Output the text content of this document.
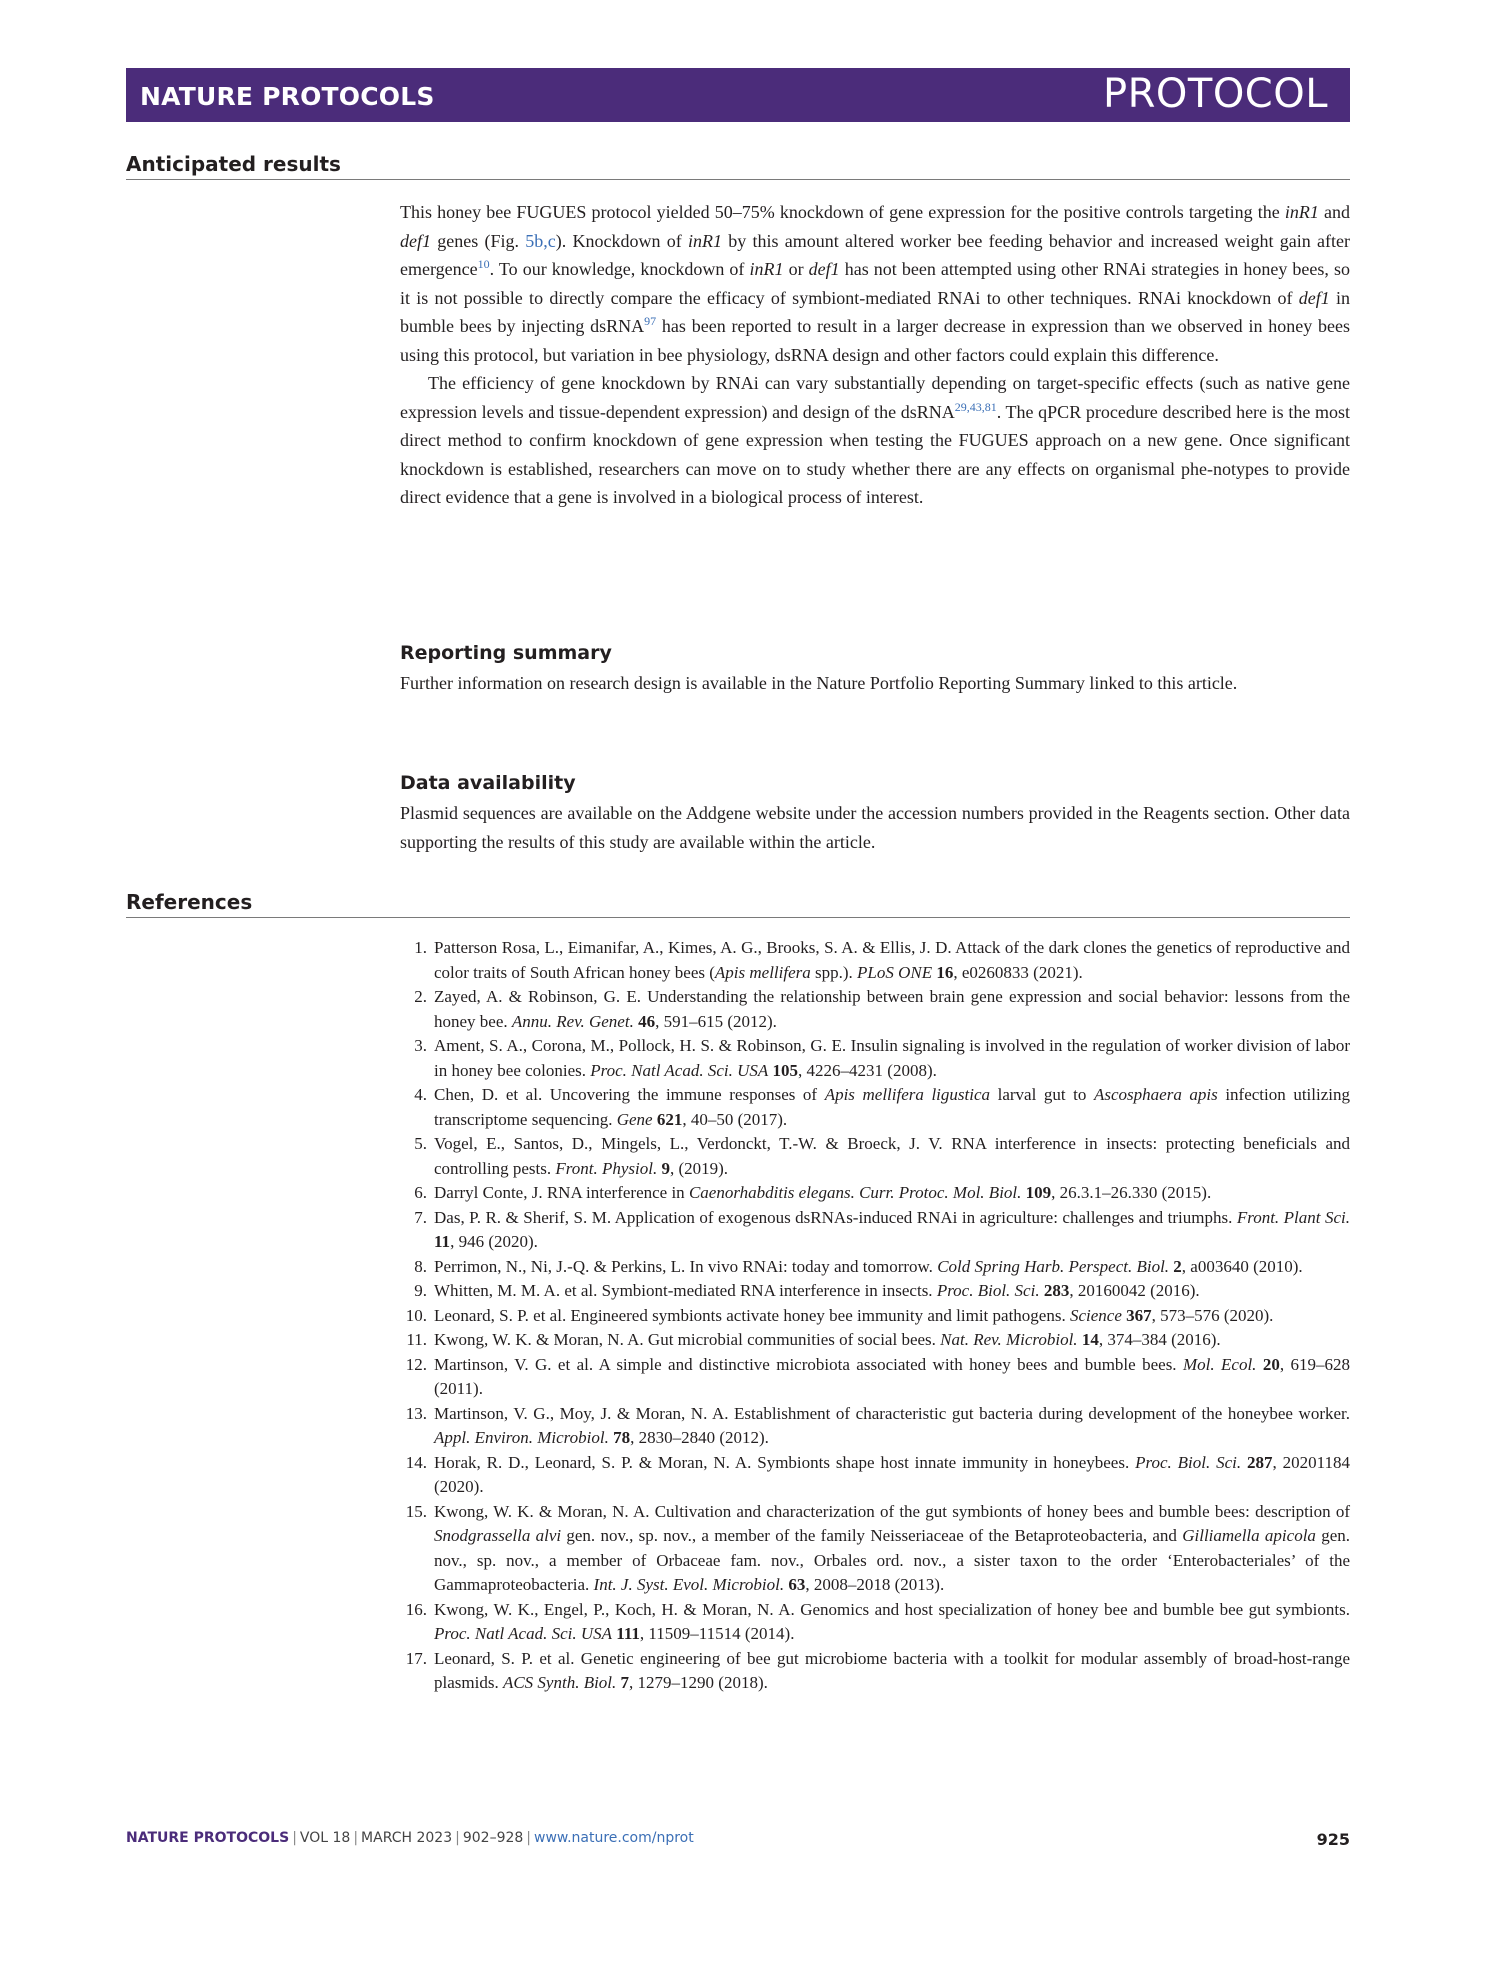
NATURE PROTOCOLS	PROTOCOL
Anticipated results

This honey bee FUGUES protocol yielded 50–75% knockdown of gene expression for the positive controls targeting the inR1 and def1 genes (Fig. 5b,c). Knockdown of inR1 by this amount altered worker bee feeding behavior and increased weight gain after emergence$^{10}$. To our knowledge, knockdown of inR1 or def1 has not been attempted using other RNAi strategies in honey bees, so it is not possible to directly compare the efficacy of symbiont-mediated RNAi to other techniques. RNAi knockdown of def1 in bumble bees by injecting dsRNA$^{97}$ has been reported to result in a larger decrease in expression than we observed in honey bees using this protocol, but variation in bee physiology, dsRNA design and other factors could explain this difference.

The efficiency of gene knockdown by RNAi can vary substantially depending on target-specific effects (such as native gene expression levels and tissue-dependent expression) and design of the dsRNA$^{29,43,81}$. The qPCR procedure described here is the most direct method to confirm knockdown of gene expression when testing the FUGUES approach on a new gene. Once significant knockdown is established, researchers can move on to study whether there are any effects on organismal phe-notypes to provide direct evidence that a gene is involved in a biological process of interest.

Reporting summary

Further information on research design is available in the Nature Portfolio Reporting Summary linked to this article.

Data availability

Plasmid sequences are available on the Addgene website under the accession numbers provided in the Reagents section. Other data supporting the results of this study are available within the article.

References
1. Patterson Rosa, L., Eimanifar, A., Kimes, A. G., Brooks, S. A. & Ellis, J. D. Attack of the dark clones the genetics of reproductive and color traits of South African honey bees (Apis mellifera spp.). PLoS ONE 16, e0260833 (2021).
2. Zayed, A. & Robinson, G. E. Understanding the relationship between brain gene expression and social behavior: lessons from the honey bee. Annu. Rev. Genet. 46, 591–615 (2012).
3. Ament, S. A., Corona, M., Pollock, H. S. & Robinson, G. E. Insulin signaling is involved in the regulation of worker division of labor in honey bee colonies. Proc. Natl Acad. Sci. USA 105, 4226–4231 (2008).
4. Chen, D. et al. Uncovering the immune responses of Apis mellifera ligustica larval gut to Ascosphaera apis infection utilizing transcriptome sequencing. Gene 621, 40–50 (2017).
5. Vogel, E., Santos, D., Mingels, L., Verdonckt, T.-W. & Broeck, J. V. RNA interference in insects: protecting beneficials and controlling pests. Front. Physiol. 9, (2019).
6. Darryl Conte, J. RNA interference in Caenorhabditis elegans. Curr. Protoc. Mol. Biol. 109, 26.3.1–26.330 (2015).
7. Das, P. R. & Sherif, S. M. Application of exogenous dsRNAs-induced RNAi in agriculture: challenges and triumphs. Front. Plant Sci. 11, 946 (2020).
8. Perrimon, N., Ni, J.-Q. & Perkins, L. In vivo RNAi: today and tomorrow. Cold Spring Harb. Perspect. Biol. 2, a003640 (2010).
9. Whitten, M. M. A. et al. Symbiont-mediated RNA interference in insects. Proc. Biol. Sci. 283, 20160042 (2016).
10. Leonard, S. P. et al. Engineered symbionts activate honey bee immunity and limit pathogens. Science 367, 573–576 (2020).
11. Kwong, W. K. & Moran, N. A. Gut microbial communities of social bees. Nat. Rev. Microbiol. 14, 374–384 (2016).
12. Martinson, V. G. et al. A simple and distinctive microbiota associated with honey bees and bumble bees. Mol. Ecol. 20, 619–628 (2011).
13. Martinson, V. G., Moy, J. & Moran, N. A. Establishment of characteristic gut bacteria during development of the honeybee worker. Appl. Environ. Microbiol. 78, 2830–2840 (2012).
14. Horak, R. D., Leonard, S. P. & Moran, N. A. Symbionts shape host innate immunity in honeybees. Proc. Biol. Sci. 287, 20201184 (2020).
15. Kwong, W. K. & Moran, N. A. Cultivation and characterization of the gut symbionts of honey bees and bumble bees: description of Snodgrassella alvi gen. nov., sp. nov., a member of the family Neisseriaceae of the Betaproteobacteria, and Gilliamella apicola gen. nov., sp. nov., a member of Orbaceae fam. nov., Orbales ord. nov., a sister taxon to the order ‘Enterobacteriales’ of the Gammaproteobacteria. Int. J. Syst. Evol. Microbiol. 63, 2008–2018 (2013).
16. Kwong, W. K., Engel, P., Koch, H. & Moran, N. A. Genomics and host specialization of honey bee and bumble bee gut symbionts. Proc. Natl Acad. Sci. USA 111, 11509–11514 (2014).
17. Leonard, S. P. et al. Genetic engineering of bee gut microbiome bacteria with a toolkit for modular assembly of broad-host-range plasmids. ACS Synth. Biol. 7, 1279–1290 (2018).
NATURE PROTOCOLS | VOL 18 | MARCH 2023 | 902–928 | www.nature.com/nprot	925
